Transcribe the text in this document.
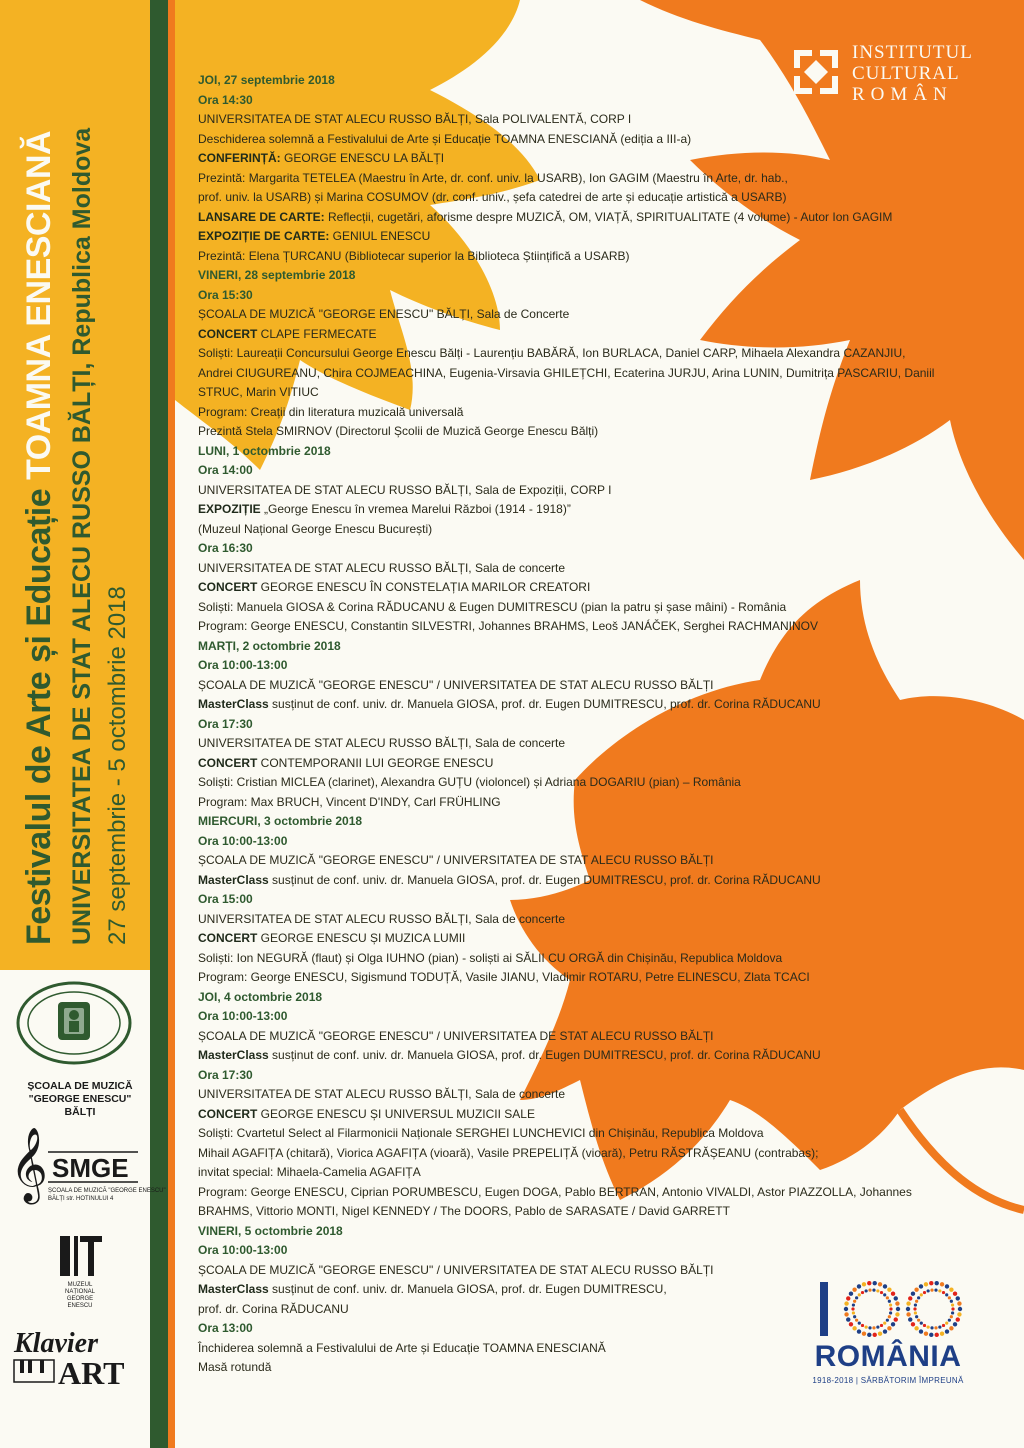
Festivalul de Arte și Educație TOAMNA ENESCIANĂ UNIVERSITATEA DE STAT ALECU RUSSO BĂLȚI, Republica Moldova 27 septembrie - 5 octombrie 2018
INSTITUTUL
CULTURAL
ROMÂN
JOI, 27 septembrie 2018
Ora 14:30
UNIVERSITATEA DE STAT ALECU RUSSO BĂLȚI, Sala POLIVALENTĂ, CORP I
Deschiderea solemnă a Festivalului de Arte și Educație TOAMNA ENESCIANĂ (ediția a III-a)
CONFERINȚĂ: GEORGE ENESCU LA BĂLȚI
Prezintă: Margarita TETELEA (Maestru în Arte, dr. conf. univ. la USARB), Ion GAGIM (Maestru în Arte, dr. hab.,
prof. univ. la USARB) și Marina COSUMOV (dr. conf. univ., șefa catedrei de arte și educație artistică a USARB)
LANSARE DE CARTE: Reflecții, cugetări, aforisme despre MUZICĂ, OM, VIAȚĂ, SPIRITUALITATE (4 volume) - Autor Ion GAGIM
EXPOZIȚIE DE CARTE: GENIUL ENESCU
Prezintă: Elena ȚURCANU (Bibliotecar superior la Biblioteca Științifică a USARB)
VINERI, 28 septembrie 2018
Ora 15:30
ȘCOALA DE MUZICĂ "GEORGE ENESCU" BĂLȚI, Sala de Concerte
CONCERT CLAPE FERMECATE
Soliști: Laureații Concursului George Enescu Bălți - Laurențiu BABĂRĂ, Ion BURLACA, Daniel CARP, Mihaela Alexandra CAZANJIU,
Andrei CIUGUREANU, Chira COJMEACHINA, Eugenia-Virsavia GHILEȚCHI, Ecaterina JURJU, Arina LUNIN, Dumitrița PASCARIU, Daniil
STRUC, Marin VITIUC
Program: Creații din literatura muzicală universală
Prezintă Stela SMIRNOV (Directorul Școlii de Muzică George Enescu Bălți)
LUNI, 1 octombrie 2018
Ora 14:00
UNIVERSITATEA DE STAT ALECU RUSSO BĂLȚI, Sala de Expoziții, CORP I
EXPOZIȚIE „George Enescu în vremea Marelui Război (1914 - 1918)”
(Muzeul Național George Enescu București)
Ora 16:30
UNIVERSITATEA DE STAT ALECU RUSSO BĂLȚI, Sala de concerte
CONCERT GEORGE ENESCU ÎN CONSTELAȚIA MARILOR CREATORI
Soliști: Manuela GIOSA & Corina RĂDUCANU & Eugen DUMITRESCU (pian la patru și șase mâini) - România
Program: George ENESCU, Constantin SILVESTRI, Johannes BRAHMS, Leoš JANÁČEK, Serghei RACHMANINOV
MARȚI, 2 octombrie 2018
Ora 10:00-13:00
ȘCOALA DE MUZICĂ "GEORGE ENESCU" / UNIVERSITATEA DE STAT ALECU RUSSO BĂLȚI
MasterClass susținut de conf. univ. dr. Manuela GIOSA, prof. dr. Eugen DUMITRESCU, prof. dr. Corina RĂDUCANU
Ora 17:30
UNIVERSITATEA DE STAT ALECU RUSSO BĂLȚI, Sala de concerte
CONCERT CONTEMPORANII LUI GEORGE ENESCU
Soliști: Cristian MICLEA (clarinet), Alexandra GUȚU (violoncel) și Adriana DOGARIU (pian) – România
Program: Max BRUCH, Vincent D'INDY, Carl FRÜHLING
MIERCURI, 3 octombrie 2018
Ora 10:00-13:00
ȘCOALA DE MUZICĂ "GEORGE ENESCU" / UNIVERSITATEA DE STAT ALECU RUSSO BĂLȚI
MasterClass susținut de conf. univ. dr. Manuela GIOSA, prof. dr. Eugen DUMITRESCU, prof. dr. Corina RĂDUCANU
Ora 15:00
UNIVERSITATEA DE STAT ALECU RUSSO BĂLȚI, Sala de concerte
CONCERT GEORGE ENESCU ȘI MUZICA LUMII
Soliști: Ion NEGURĂ (flaut) și Olga IUHNO (pian) - soliști ai SĂLII CU ORGĂ din Chișinău, Republica Moldova
Program: George ENESCU, Sigismund TODUȚĂ, Vasile JIANU, Vladimir ROTARU, Petre ELINESCU, Zlata TCACI
JOI, 4 octombrie 2018
Ora 10:00-13:00
ȘCOALA DE MUZICĂ "GEORGE ENESCU" / UNIVERSITATEA DE STAT ALECU RUSSO BĂLȚI
MasterClass susținut de conf. univ. dr. Manuela GIOSA, prof. dr. Eugen DUMITRESCU, prof. dr. Corina RĂDUCANU
Ora 17:30
UNIVERSITATEA DE STAT ALECU RUSSO BĂLȚI, Sala de concerte
CONCERT GEORGE ENESCU ȘI UNIVERSUL MUZICII SALE
Soliști: Cvartetul Select al Filarmonicii Naționale SERGHEI LUNCHEVICI din Chișinău, Republica Moldova
Mihail AGAFIȚA (chitară), Viorica AGAFIȚA (vioară), Vasile PREPELIȚĂ (vioară), Petru RĂSTRĂȘEANU (contrabas);
invitat special: Mihaela-Camelia AGAFIȚA
Program: George ENESCU, Ciprian PORUMBESCU, Eugen DOGA, Pablo BERTRAN, Antonio VIVALDI, Astor PIAZZOLLA, Johannes
BRAHMS, Vittorio MONTI, Nigel KENNEDY / The DOORS, Pablo de SARASATE / David GARRETT
VINERI, 5 octombrie 2018
Ora 10:00-13:00
ȘCOALA DE MUZICĂ "GEORGE ENESCU" / UNIVERSITATEA DE STAT ALECU RUSSO BĂLȚI
MasterClass susținut de conf. univ. dr. Manuela GIOSA, prof. dr. Eugen DUMITRESCU,
prof. dr. Corina RĂDUCANU
Ora 13:00
Închiderea solemnă a Festivalului de Arte și Educație TOAMNA ENESCIANĂ
Masă rotundă
ȘCOALA DE MUZICĂ
"GEORGE ENESCU"
BĂLȚI
𝄞 SMGE
ȘCOALA DE MUZICĂ "GEORGE ENESCU"
BĂLȚI str. HOTINULUI 4
MUZEUL
NAȚIONAL
GEORGE
ENESCU
Klavier
ART
100
ROMÂNIA
1918-2018 | SĂRBĂTORIM ÎMPREUNĂ
